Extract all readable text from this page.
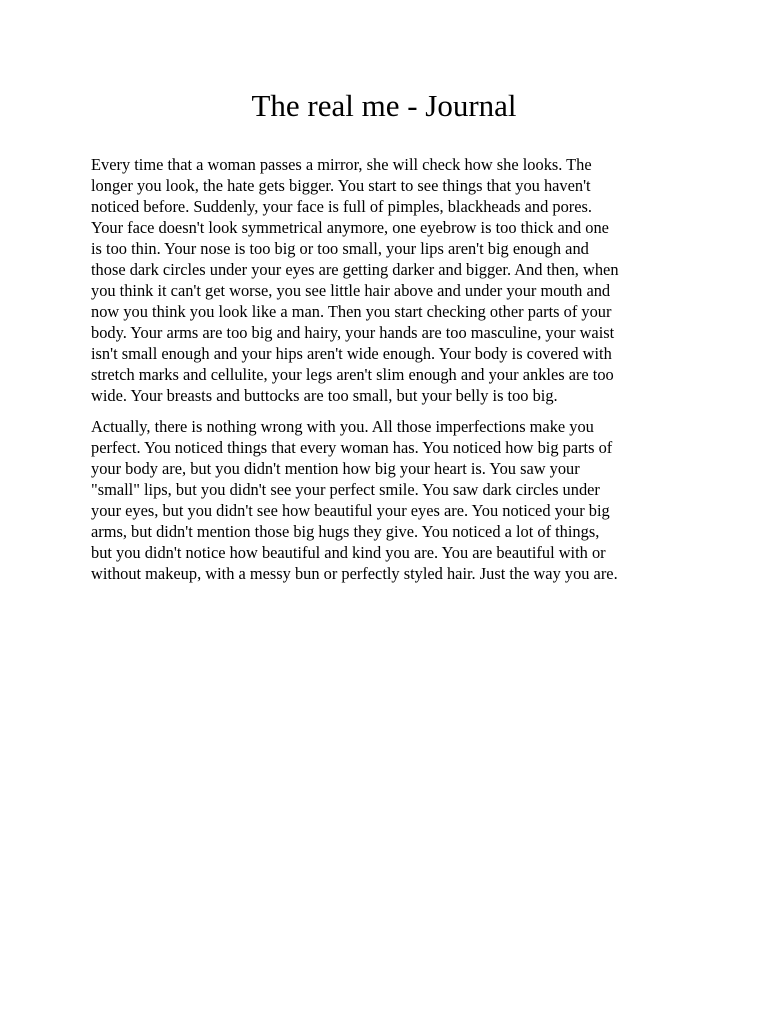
The real me - Journal

Every time that a woman passes a mirror, she will check how she looks. The
longer you look, the hate gets bigger. You start to see things that you haven't
noticed before. Suddenly, your face is full of pimples, blackheads and pores.
Your face doesn't look symmetrical anymore, one eyebrow is too thick and one
is too thin. Your nose is too big or too small, your lips aren't big enough and
those dark circles under your eyes are getting darker and bigger. And then, when
you think it can't get worse, you see little hair above and under your mouth and
now you think you look like a man. Then you start checking other parts of your
body. Your arms are too big and hairy, your hands are too masculine, your waist
isn't small enough and your hips aren't wide enough. Your body is covered with
stretch marks and cellulite, your legs aren't slim enough and your ankles are too
wide. Your breasts and buttocks are too small, but your belly is too big.

Actually, there is nothing wrong with you. All those imperfections make you
perfect. You noticed things that every woman has. You noticed how big parts of
your body are, but you didn't mention how big your heart is. You saw your
"small" lips, but you didn't see your perfect smile. You saw dark circles under
your eyes, but you didn't see how beautiful your eyes are. You noticed your big
arms, but didn't mention those big hugs they give. You noticed a lot of things,
but you didn't notice how beautiful and kind you are. You are beautiful with or
without makeup, with a messy bun or perfectly styled hair. Just the way you are.
